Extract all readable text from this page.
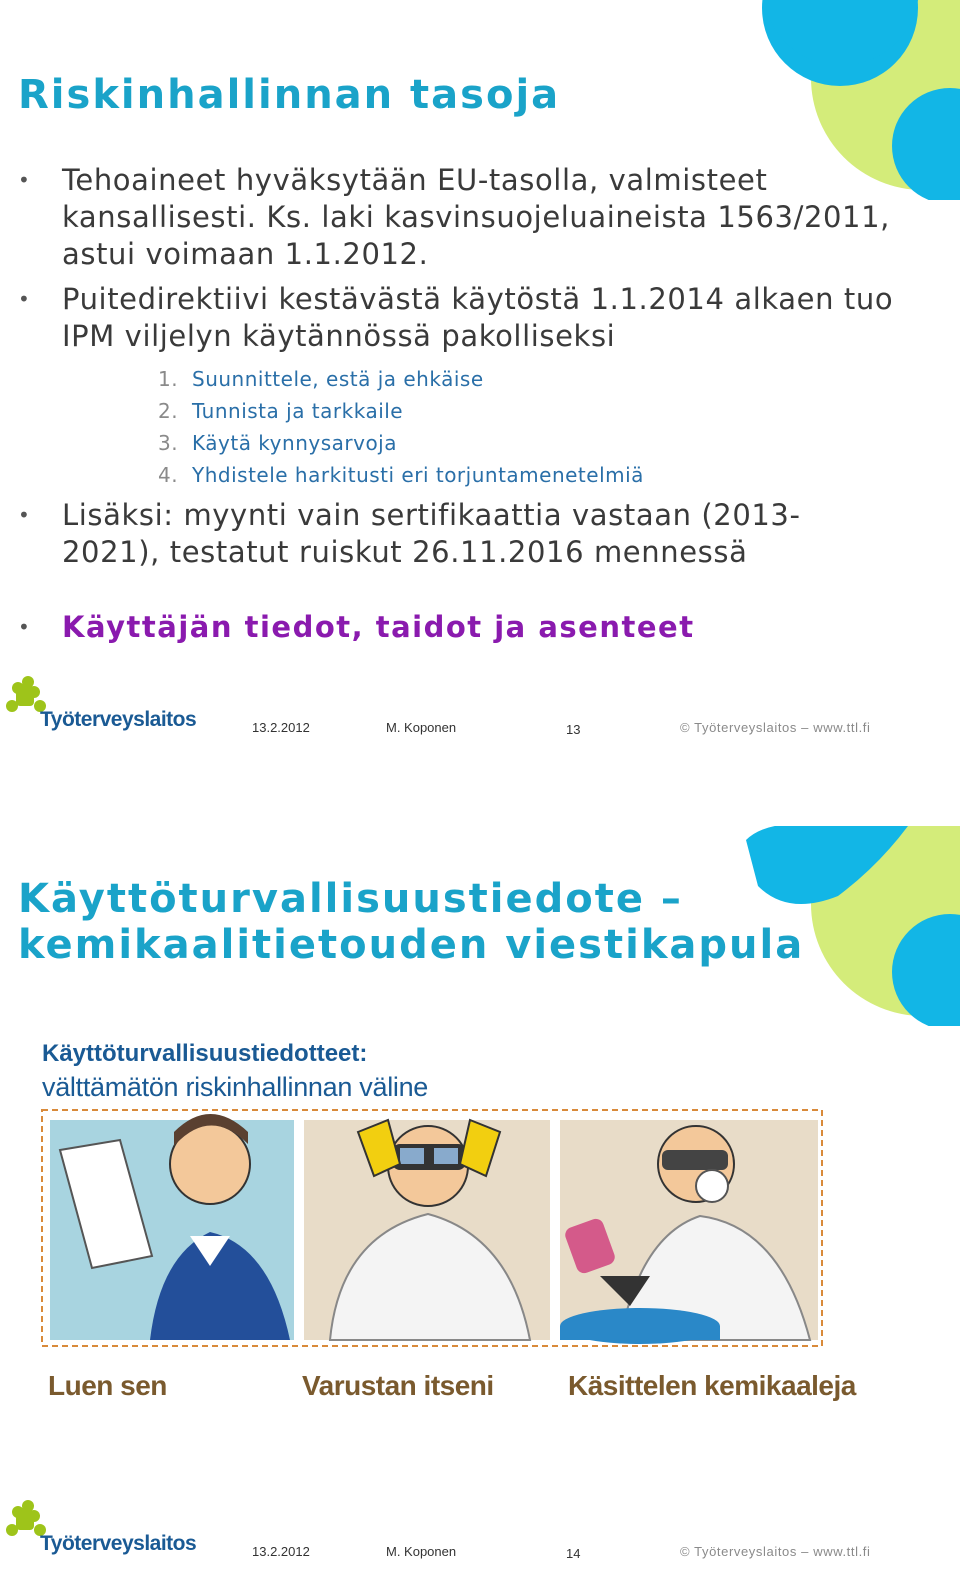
Riskinhallinnan tasoja
• Tehoaineet hyväksytään EU-tasolla, valmisteet kansallisesti. Ks. laki kasvinsuojeluaineista 1563/2011, astui voimaan 1.1.2012.
• Puitedirektiivi kestävästä käytöstä 1.1.2014 alkaen tuo IPM viljelyn käytännössä pakolliseksi
1. Suunnittele, estä ja ehkäise
2. Tunnista ja tarkkaile
3. Käytä kynnysarvoja
4. Yhdistele harkitusti eri torjuntamenetelmiä
• Lisäksi: myynti vain sertifikaattia vastaan (2013-2021), testatut ruiskut 26.11.2016 mennessä
• Käyttäjän tiedot, taidot ja asenteet
Työterveyslaitos	13.2.2012	M. Koponen	13	© Työterveyslaitos – www.ttl.fi
Käyttöturvallisuustiedote –
kemikaalitietouden viestikapula

Käyttöturvallisuustiedotteet:

välttämätön riskinhallinnan väline

Luen sen	Varustan itseni	Käsittelen kemikaaleja
Työterveyslaitos	13.2.2012	M. Koponen	14	© Työterveyslaitos – www.ttl.fi
